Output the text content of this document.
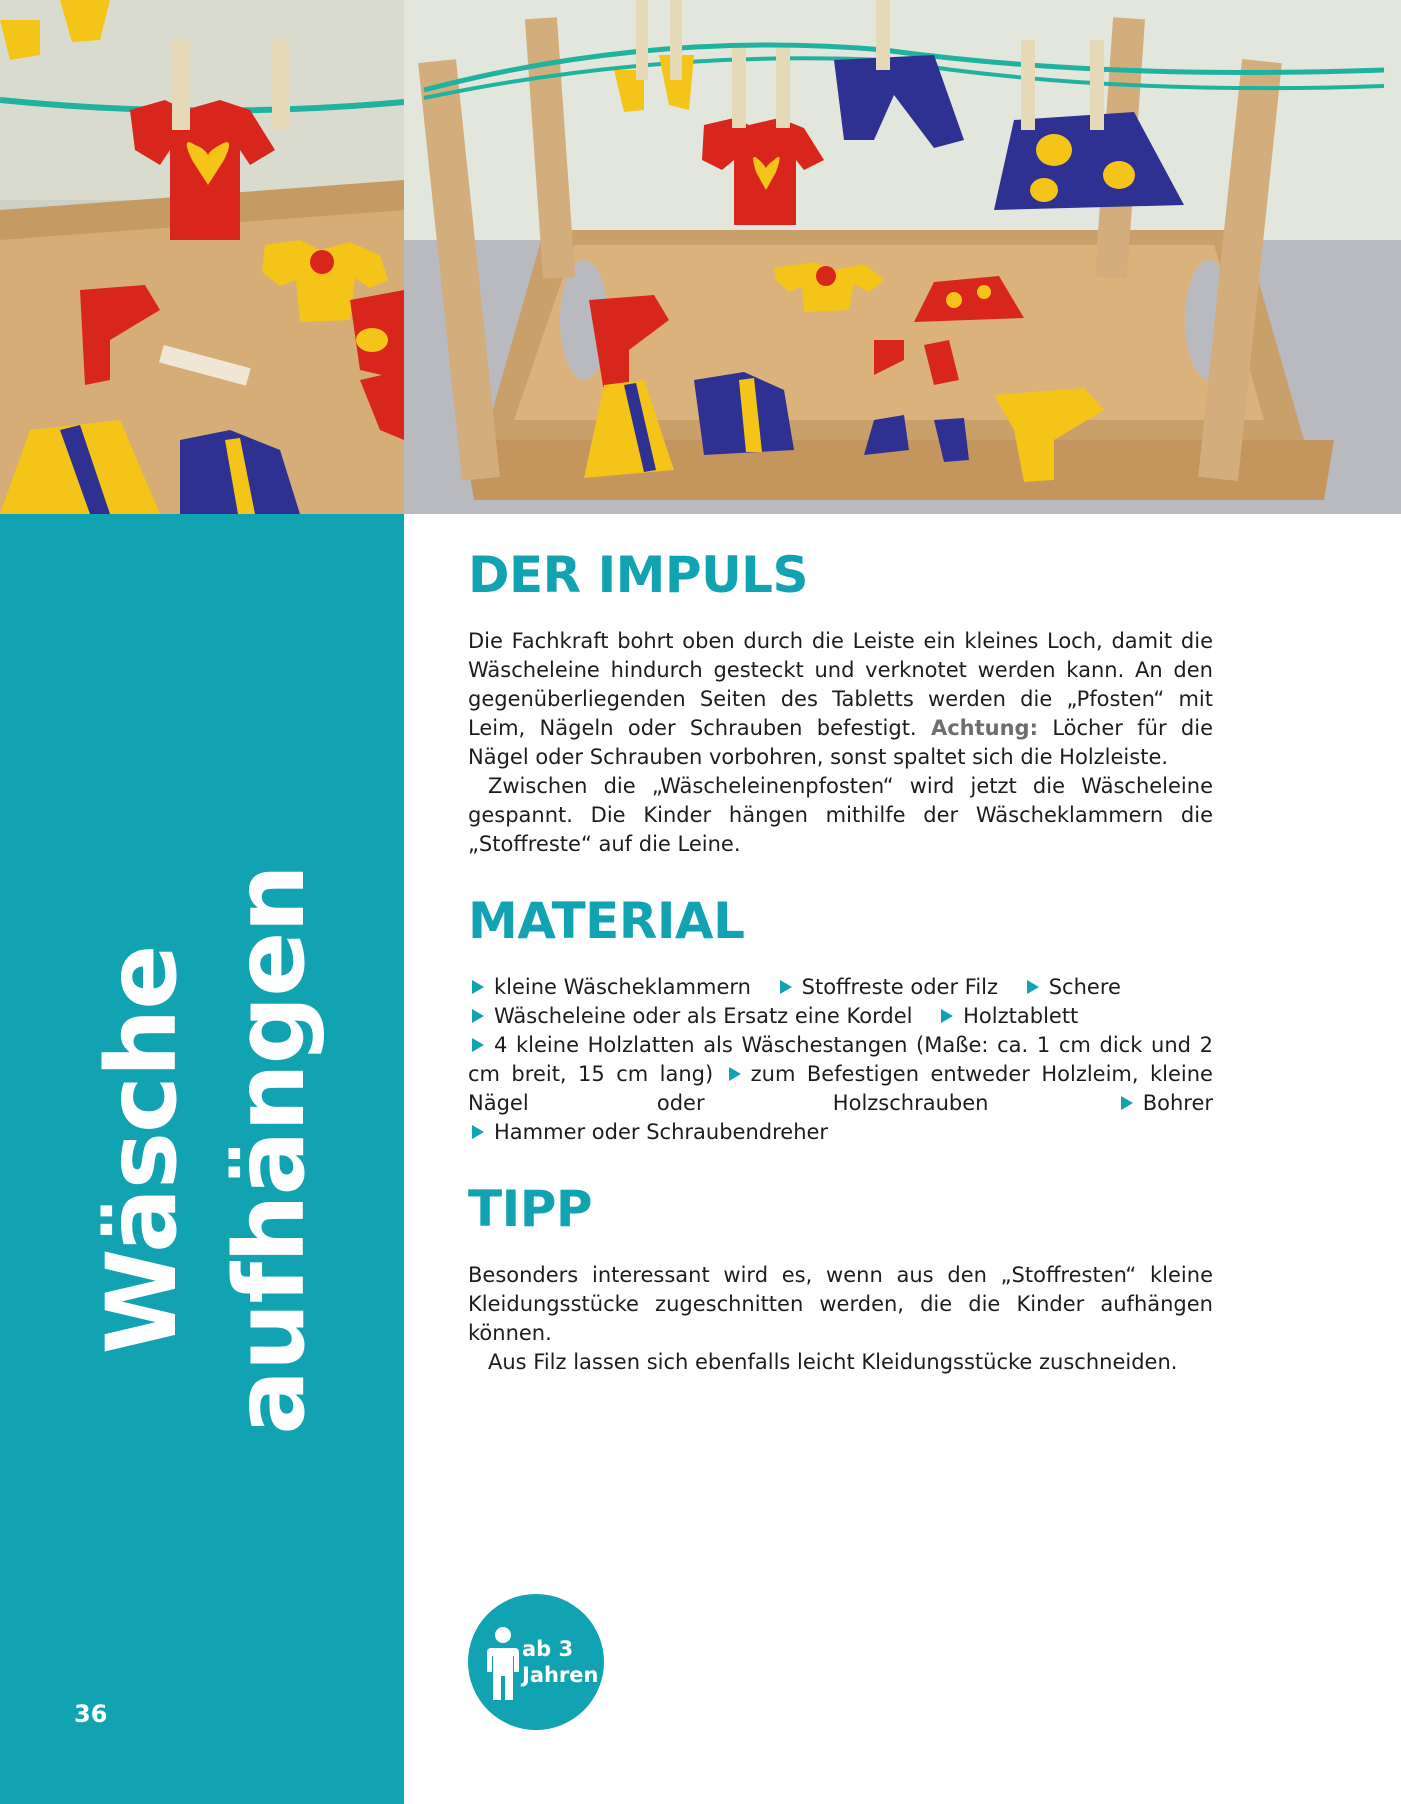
Wäsche aufhängen
36
DER IMPULS

Die Fachkraft bohrt oben durch die Leiste ein kleines Loch, damit die Wäscheleine hindurch gesteckt und verknotet werden kann. An den gegenüberliegenden Seiten des Tabletts werden die „Pfosten“ mit Leim, Nägeln oder Schrauben befestigt. Achtung: Löcher für die Nägel oder Schrauben vorbohren, sonst spaltet sich die Holzleiste.

Zwischen die „Wäscheleinenpfosten“ wird jetzt die Wäscheleine gespannt. Die Kinder hängen mithilfe der Wäscheklammern die „Stoffreste“ auf die Leine.

MATERIAL

kleine Wäscheklammern Stoffreste oder Filz Schere
Wäscheleine oder als Ersatz eine Kordel Holztablett
4 kleine Holzlatten als Wäschestangen (Maße: ca. 1 cm dick und 2 cm breit, 15 cm lang) zum Befestigen entweder Holzleim, kleine Nägel oder Holzschrauben	Bohrer Hammer oder Schraubendreher

TIPP

Besonders interessant wird es, wenn aus den „Stoffresten“ kleine Kleidungsstücke zugeschnitten werden, die die Kinder aufhängen können.

Aus Filz lassen sich ebenfalls leicht Kleidungsstücke zuschneiden.

ab 3
Jahren
